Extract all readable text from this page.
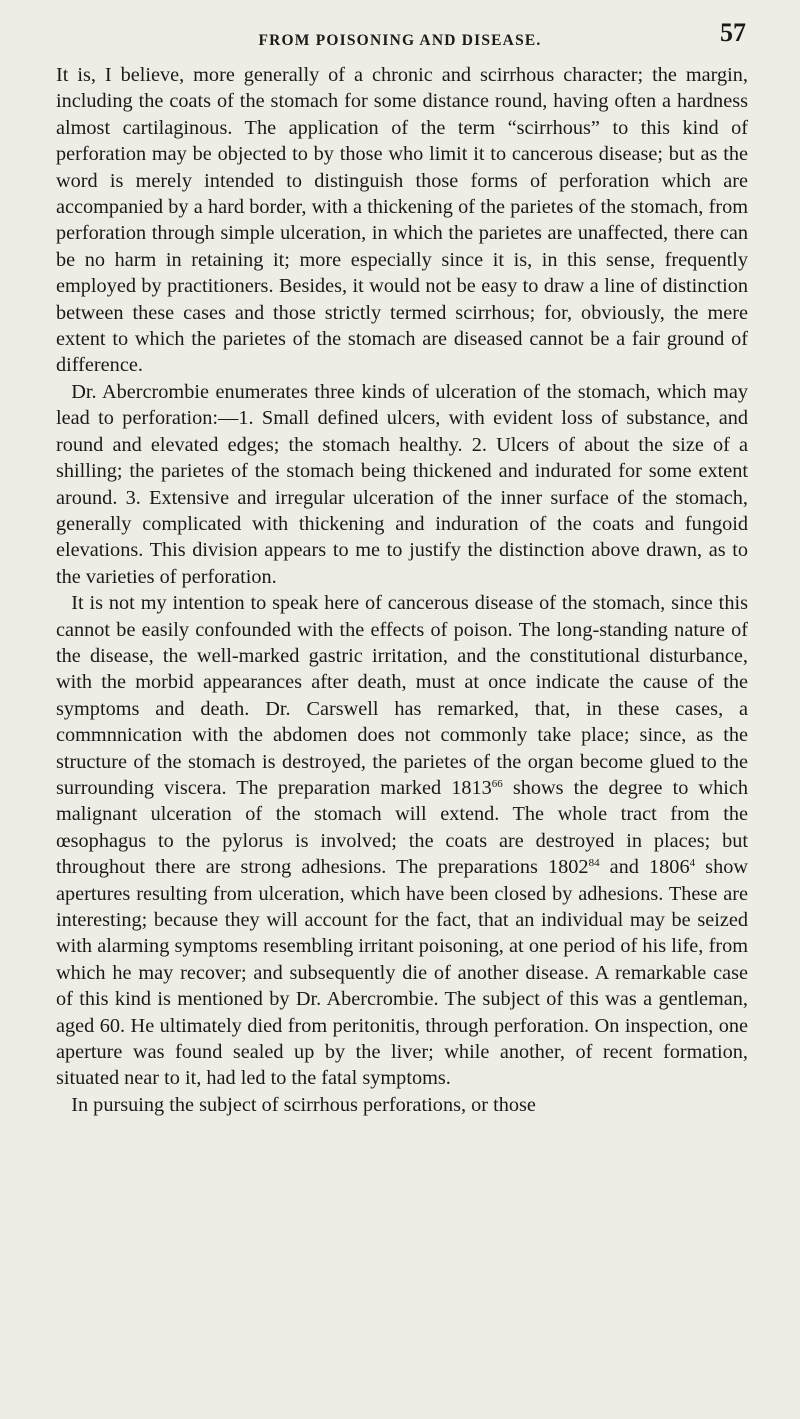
FROM POISONING AND DISEASE.	57

It is, I believe, more generally of a chronic and scirrhous character; the margin, including the coats of the stomach for some distance round, having often a hardness almost cartilaginous. The application of the term “scirrhous” to this kind of perforation may be objected to by those who limit it to cancerous disease; but as the word is merely intended to distinguish those forms of perforation which are accompanied by a hard border, with a thickening of the parietes of the stomach, from perforation through simple ulceration, in which the parietes are unaffected, there can be no harm in retaining it; more especially since it is, in this sense, frequently employed by practitioners. Besides, it would not be easy to draw a line of distinction between these cases and those strictly termed scirrhous; for, obviously, the mere extent to which the parietes of the stomach are diseased cannot be a fair ground of difference.

Dr. Abercrombie enumerates three kinds of ulceration of the stomach, which may lead to perforation:—1. Small defined ulcers, with evident loss of substance, and round and elevated edges; the stomach healthy. 2. Ulcers of about the size of a shilling; the parietes of the stomach being thickened and indurated for some extent around. 3. Extensive and irregular ulceration of the inner surface of the stomach, generally complicated with thickening and induration of the coats and fungoid elevations. This division appears to me to justify the distinction above drawn, as to the varieties of perforation.

It is not my intention to speak here of cancerous disease of the stomach, since this cannot be easily confounded with the effects of poison. The long-standing nature of the disease, the well-marked gastric irritation, and the constitutional disturbance, with the morbid appearances after death, must at once indicate the cause of the symptoms and death. Dr. Carswell has remarked, that, in these cases, a commnnication with the abdomen does not commonly take place; since, as the structure of the stomach is destroyed, the parietes of the organ become glued to the surrounding viscera. The preparation marked 1813$^{66}$ shows the degree to which malignant ulceration of the stomach will extend. The whole tract from the œsophagus to the pylorus is involved; the coats are destroyed in places; but throughout there are strong adhesions. The preparations 1802$^{84}$ and 1806$^4$ show apertures resulting from ulceration, which have been closed by adhesions. These are interesting; because they will account for the fact, that an individual may be seized with alarming symptoms resembling irritant poisoning, at one period of his life, from which he may recover; and subsequently die of another disease. A remarkable case of this kind is mentioned by Dr. Abercrombie. The subject of this was a gentleman, aged 60. He ultimately died from peritonitis, through perforation. On inspection, one aperture was found sealed up by the liver; while another, of recent formation, situated near to it, had led to the fatal symptoms.

In pursuing the subject of scirrhous perforations, or those
